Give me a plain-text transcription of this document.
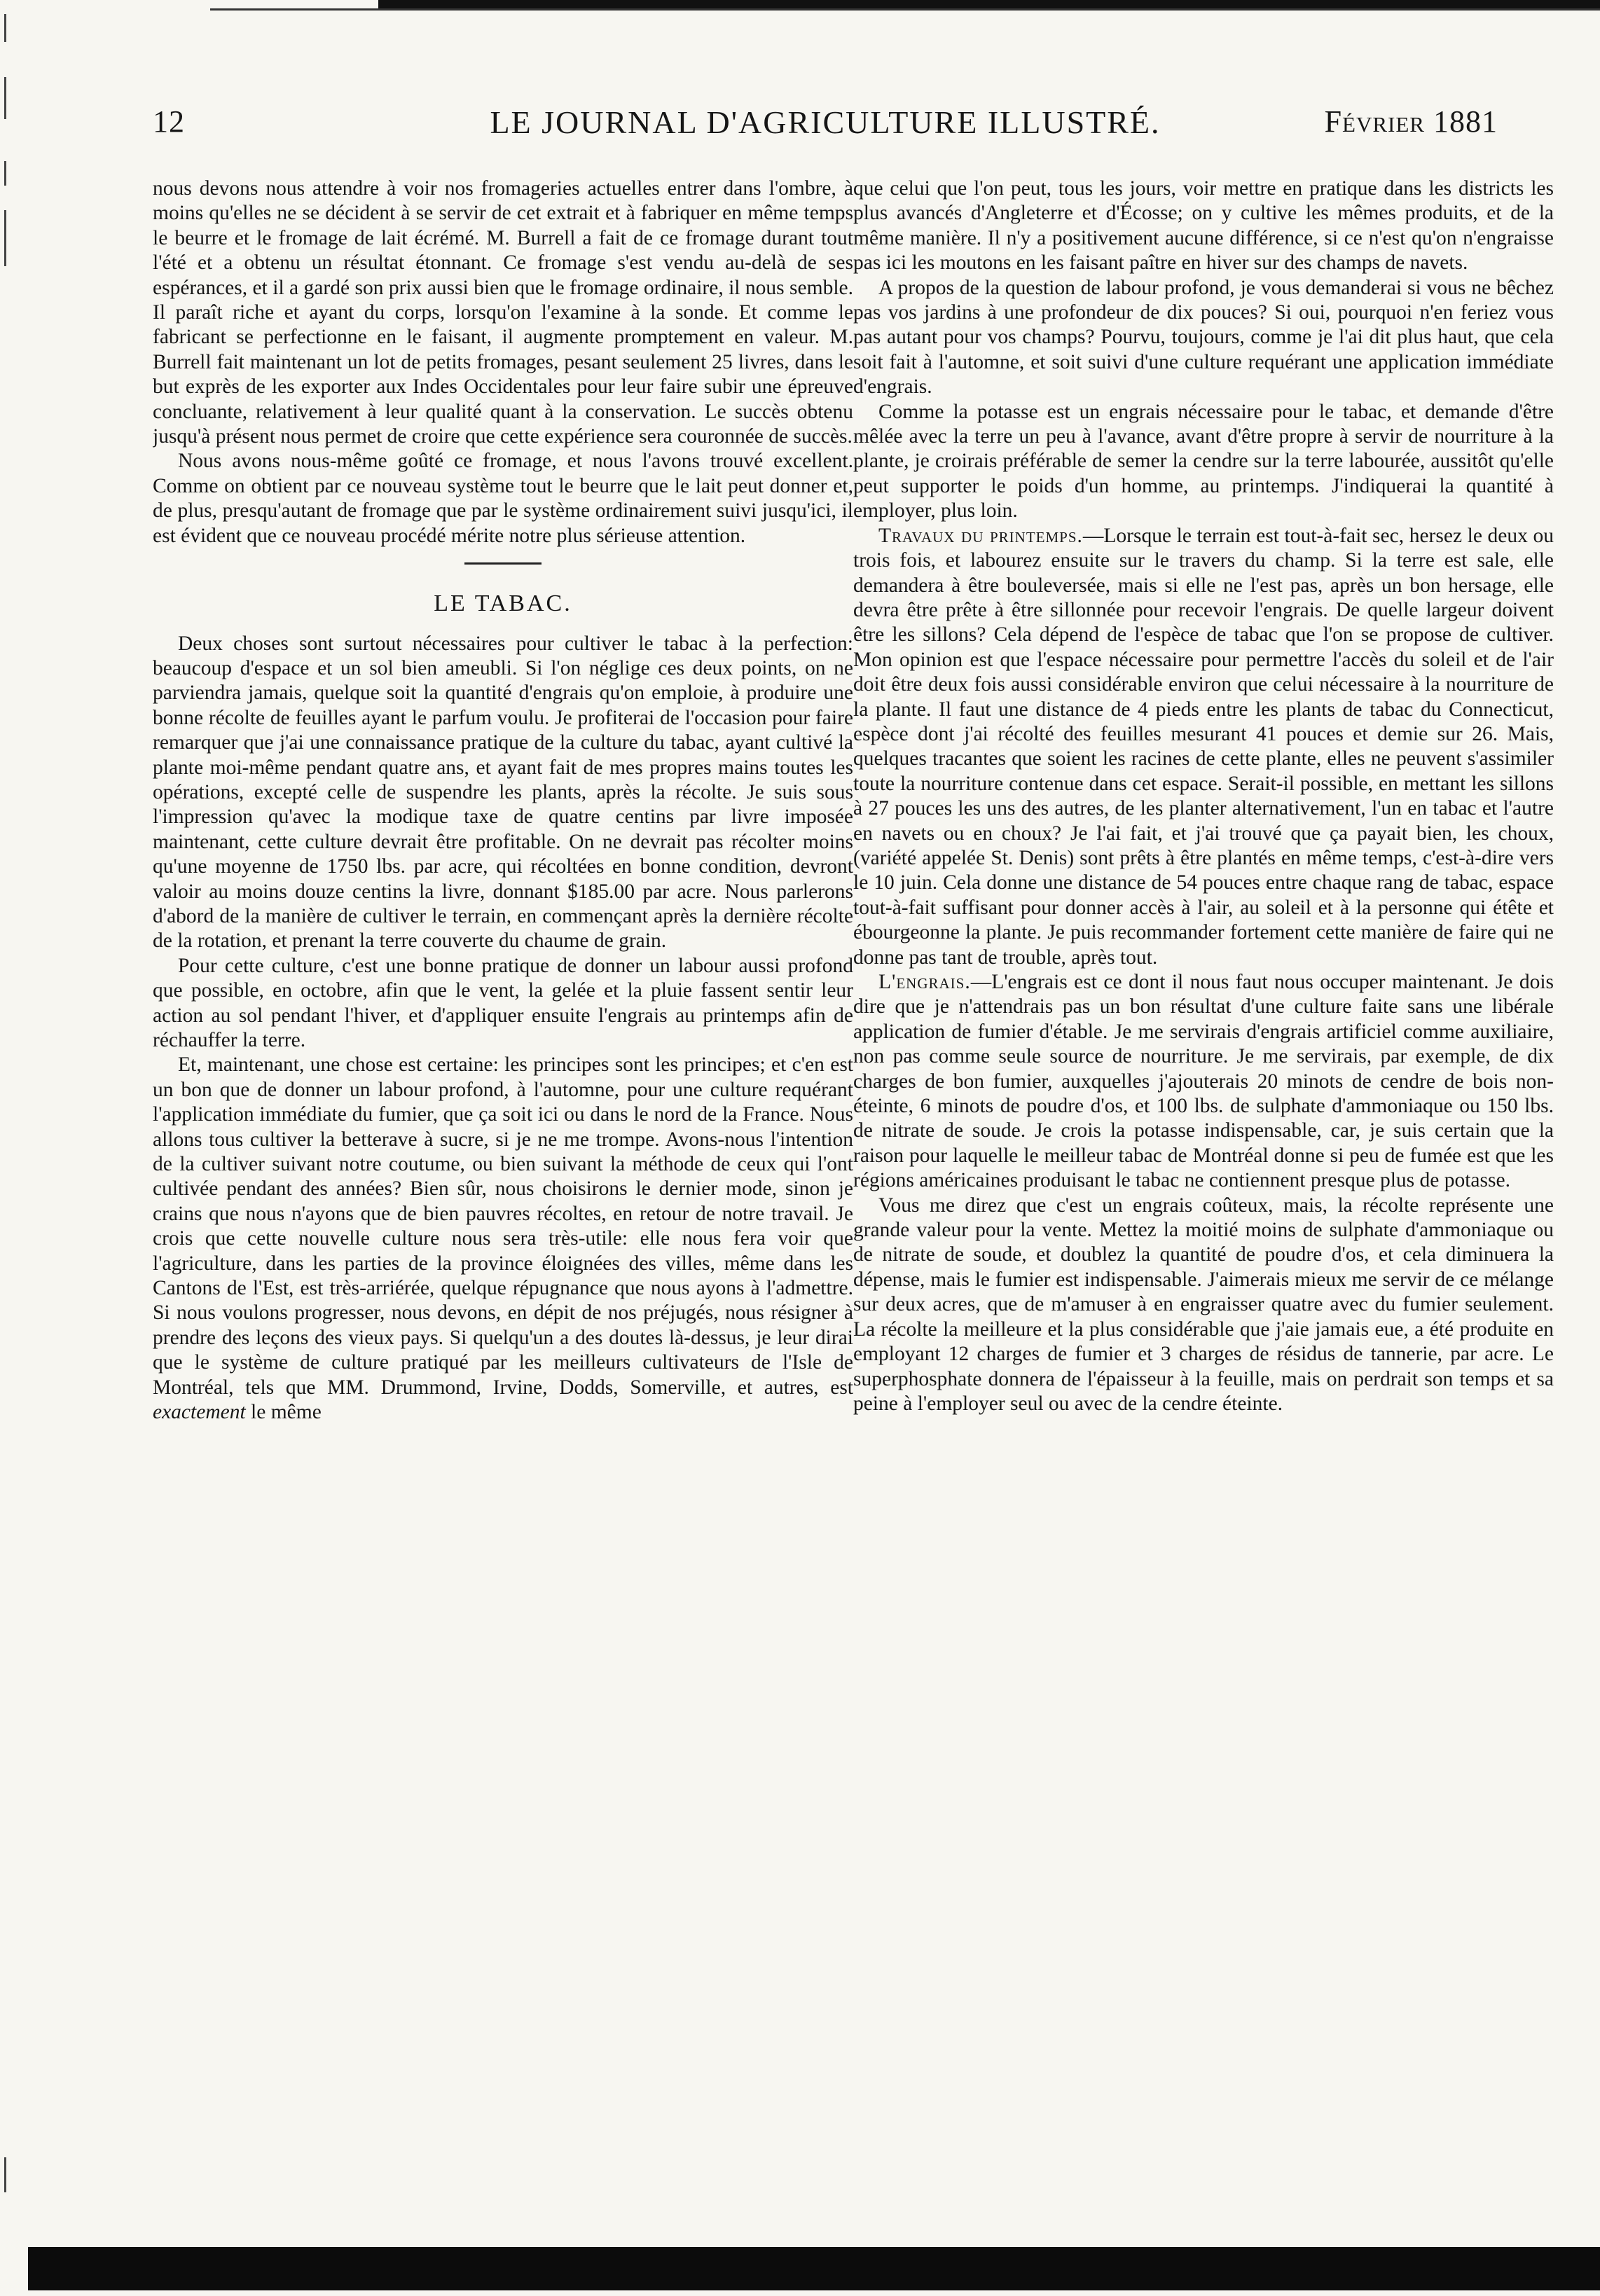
12	LE JOURNAL D'AGRICULTURE ILLUSTRÉ.	Février 1881

nous devons nous attendre à voir nos fromageries actuelles entrer dans l'ombre, à moins qu'elles ne se décident à se servir de cet extrait et à fabriquer en même temps le beurre et le fromage de lait écrémé. M. Burrell a fait de ce fromage durant tout l'été et a obtenu un résultat étonnant. Ce fromage s'est vendu au-delà de ses espérances, et il a gardé son prix aussi bien que le fromage ordinaire, il nous semble. Il paraît riche et ayant du corps, lorsqu'on l'examine à la sonde. Et comme le fabricant se perfectionne en le faisant, il augmente promptement en valeur. M. Burrell fait maintenant un lot de petits fromages, pesant seulement 25 livres, dans le but exprès de les exporter aux Indes Occidentales pour leur faire subir une épreuve concluante, relativement à leur qualité quant à la conservation. Le succès obtenu jusqu'à présent nous permet de croire que cette expérience sera couronnée de succès.

Nous avons nous-même goûté ce fromage, et nous l'avons trouvé excellent. Comme on obtient par ce nouveau système tout le beurre que le lait peut donner et, de plus, presqu'autant de fromage que par le système ordinairement suivi jusqu'ici, il est évident que ce nouveau procédé mérite notre plus sérieuse attention.

LE TABAC.

Deux choses sont surtout nécessaires pour cultiver le tabac à la perfection: beaucoup d'espace et un sol bien ameubli. Si l'on néglige ces deux points, on ne parviendra jamais, quelque soit la quantité d'engrais qu'on emploie, à produire une bonne récolte de feuilles ayant le parfum voulu. Je profiterai de l'occasion pour faire remarquer que j'ai une connaissance pratique de la culture du tabac, ayant cultivé la plante moi-même pendant quatre ans, et ayant fait de mes propres mains toutes les opérations, excepté celle de suspendre les plants, après la récolte. Je suis sous l'impression qu'avec la modique taxe de quatre centins par livre imposée maintenant, cette culture devrait être profitable. On ne devrait pas récolter moins qu'une moyenne de 1750 lbs. par acre, qui récoltées en bonne condition, devront valoir au moins douze centins la livre, donnant $185.00 par acre. Nous parlerons d'abord de la manière de cultiver le terrain, en commençant après la dernière récolte de la rotation, et prenant la terre couverte du chaume de grain.

Pour cette culture, c'est une bonne pratique de donner un labour aussi profond que possible, en octobre, afin que le vent, la gelée et la pluie fassent sentir leur action au sol pendant l'hiver, et d'appliquer ensuite l'engrais au printemps afin de réchauffer la terre.

Et, maintenant, une chose est certaine: les principes sont les principes; et c'en est un bon que de donner un labour profond, à l'automne, pour une culture requérant l'application immédiate du fumier, que ça soit ici ou dans le nord de la France. Nous allons tous cultiver la betterave à sucre, si je ne me trompe. Avons-nous l'intention de la cultiver suivant notre coutume, ou bien suivant la méthode de ceux qui l'ont cultivée pendant des années? Bien sûr, nous choisirons le dernier mode, sinon je crains que nous n'ayons que de bien pauvres récoltes, en retour de notre travail. Je crois que cette nouvelle culture nous sera très-utile: elle nous fera voir que l'agriculture, dans les parties de la province éloignées des villes, même dans les Cantons de l'Est, est très-arriérée, quelque répugnance que nous ayons à l'admettre. Si nous voulons progresser, nous devons, en dépit de nos préjugés, nous résigner à prendre des leçons des vieux pays. Si quelqu'un a des doutes là-dessus, je leur dirai que le système de culture pratiqué par les meilleurs cultivateurs de l'Isle de Montréal, tels que MM. Drummond, Irvine, Dodds, Somerville, et autres, est exactement le même

que celui que l'on peut, tous les jours, voir mettre en pratique dans les districts les plus avancés d'Angleterre et d'Écosse; on y cultive les mêmes produits, et de la même manière. Il n'y a positivement aucune différence, si ce n'est qu'on n'engraisse pas ici les moutons en les faisant paître en hiver sur des champs de navets.

A propos de la question de labour profond, je vous demanderai si vous ne bêchez pas vos jardins à une profondeur de dix pouces? Si oui, pourquoi n'en feriez vous pas autant pour vos champs? Pourvu, toujours, comme je l'ai dit plus haut, que cela soit fait à l'automne, et soit suivi d'une culture requérant une application immédiate d'engrais.

Comme la potasse est un engrais nécessaire pour le tabac, et demande d'être mêlée avec la terre un peu à l'avance, avant d'être propre à servir de nourriture à la plante, je croirais préférable de semer la cendre sur la terre labourée, aussitôt qu'elle peut supporter le poids d'un homme, au printemps. J'indiquerai la quantité à employer, plus loin.

Travaux du printemps.—Lorsque le terrain est tout-à-fait sec, hersez le deux ou trois fois, et labourez ensuite sur le travers du champ. Si la terre est sale, elle demandera à être bouleversée, mais si elle ne l'est pas, après un bon hersage, elle devra être prête à être sillonnée pour recevoir l'engrais. De quelle largeur doivent être les sillons? Cela dépend de l'espèce de tabac que l'on se propose de cultiver. Mon opinion est que l'espace nécessaire pour permettre l'accès du soleil et de l'air doit être deux fois aussi considérable environ que celui nécessaire à la nourriture de la plante. Il faut une distance de 4 pieds entre les plants de tabac du Connecticut, espèce dont j'ai récolté des feuilles mesurant 41 pouces et demie sur 26. Mais, quelques tracantes que soient les racines de cette plante, elles ne peuvent s'assimiler toute la nourriture contenue dans cet espace. Serait-il possible, en mettant les sillons à 27 pouces les uns des autres, de les planter alternativement, l'un en tabac et l'autre en navets ou en choux? Je l'ai fait, et j'ai trouvé que ça payait bien, les choux, (variété appelée St. Denis) sont prêts à être plantés en même temps, c'est-à-dire vers le 10 juin. Cela donne une distance de 54 pouces entre chaque rang de tabac, espace tout-à-fait suffisant pour donner accès à l'air, au soleil et à la personne qui étête et ébourgeonne la plante. Je puis recommander fortement cette manière de faire qui ne donne pas tant de trouble, après tout.

L'engrais.—L'engrais est ce dont il nous faut nous occuper maintenant. Je dois dire que je n'attendrais pas un bon résultat d'une culture faite sans une libérale application de fumier d'étable. Je me servirais d'engrais artificiel comme auxiliaire, non pas comme seule source de nourriture. Je me servirais, par exemple, de dix charges de bon fumier, auxquelles j'ajouterais 20 minots de cendre de bois non-éteinte, 6 minots de poudre d'os, et 100 lbs. de sulphate d'ammoniaque ou 150 lbs. de nitrate de soude. Je crois la potasse indispensable, car, je suis certain que la raison pour laquelle le meilleur tabac de Montréal donne si peu de fumée est que les régions américaines produisant le tabac ne contiennent presque plus de potasse.

Vous me direz que c'est un engrais coûteux, mais, la récolte représente une grande valeur pour la vente. Mettez la moitié moins de sulphate d'ammoniaque ou de nitrate de soude, et doublez la quantité de poudre d'os, et cela diminuera la dépense, mais le fumier est indispensable. J'aimerais mieux me servir de ce mélange sur deux acres, que de m'amuser à en engraisser quatre avec du fumier seulement. La récolte la meilleure et la plus considérable que j'aie jamais eue, a été produite en employant 12 charges de fumier et 3 charges de résidus de tannerie, par acre. Le superphosphate donnera de l'épaisseur à la feuille, mais on perdrait son temps et sa peine à l'employer seul ou avec de la cendre éteinte.
